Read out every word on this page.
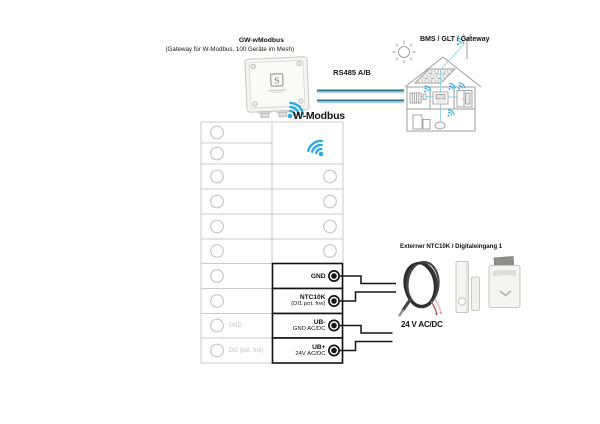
S
GW-wModbus
(Gateway für W-Modbus, 100 Geräte im Mesh)
RS485 A/B
BMS / GLT / Gateway
W-Modbus
Externer NTC10K / Digitaleingang 1
24 V AC/DC
GND
DI2 (pot. frei)
GND
NTC10K
(DI1 pot. frei)
UB-
GND AC/DC
UB+
24V AC/DC
